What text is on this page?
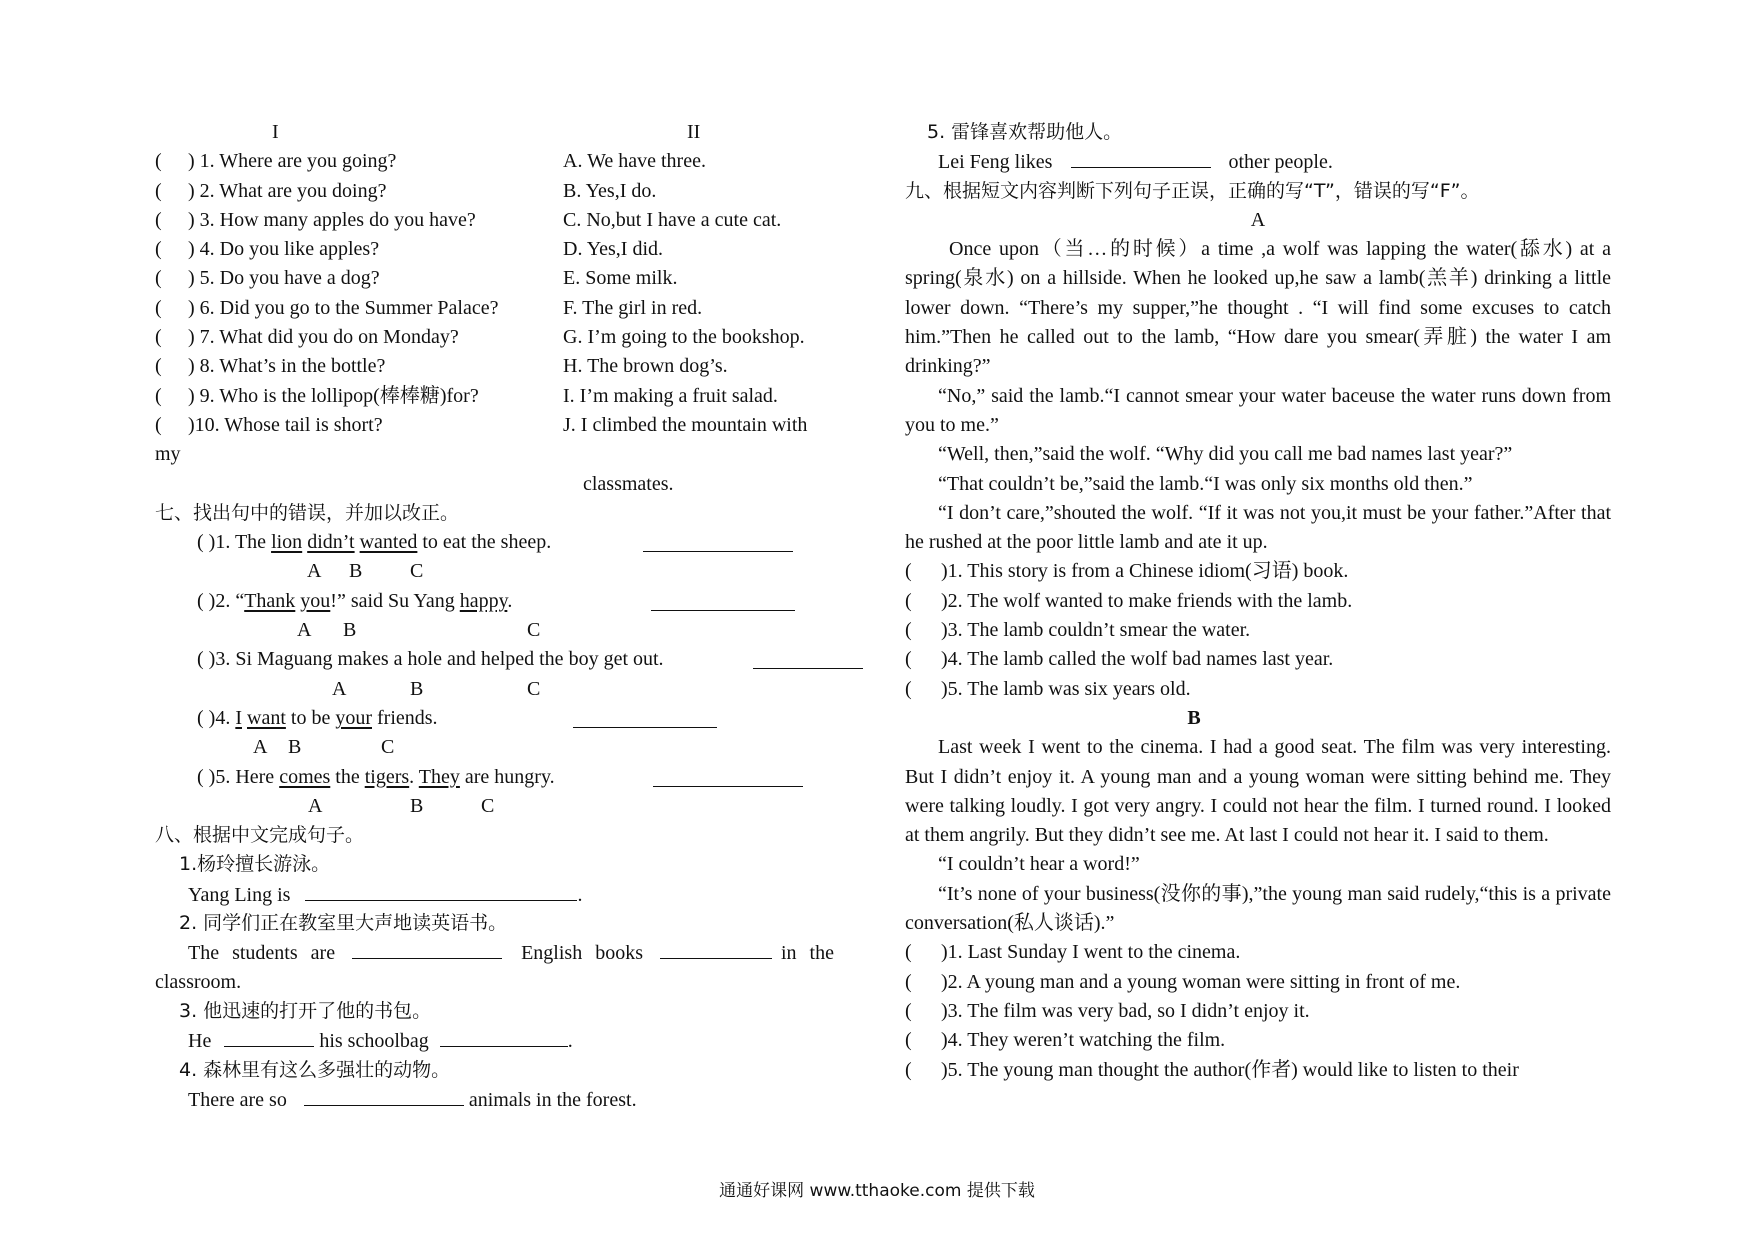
I	II
( ) 1. Where are you going?	A. We have three.
( ) 2. What are you doing?	B. Yes,I do.
( ) 3. How many apples do you have?	C. No,but I have a cute cat.
( ) 4. Do you like apples?	D. Yes,I did.
( ) 5. Do you have a dog?	E. Some milk.
( ) 6. Did you go to the Summer Palace?	F. The girl in red.
( ) 7. What did you do on Monday?	G. I’m going to the bookshop.
( ) 8. What’s in the bottle?	H. The brown dog’s.
( ) 9. Who is the lollipop(棒棒糖)for?	I. I’m making a fruit salad.
( )10. Whose tail is short?	J. I climbed the mountain with
my
classmates.
七、找出句中的错误，并加以改正。
( )1. The lion didn’t wanted to eat the sheep.
A B C
( )2. “Thank you!” said Su Yang happy.
A B	C
( )3. Si Maguang makes a hole and helped the boy get out.
A	B	C
( )4. I want to be your friends.
A B	C
( )5. Here comes the tigers. They are hungry.
A	B	C
八、根据中文完成句子。
1.杨玲擅长游泳。
Yang Ling is	.
2. 同学们正在教室里大声地读英语书。
The students are	English books	in the
classroom.
3. 他迅速的打开了他的书包。
He	his schoolbag	.
4. 森林里有这么多强壮的动物。
There are so	animals in the forest.
5. 雷锋喜欢帮助他人。
Lei Feng likes	other people.
九、根据短文内容判断下列句子正误，正确的写“T”，错误的写“F”。
A
Once upon（当…的时候）a time ,a wolf was lapping the water(舔水) at a spring(泉水) on a hillside. When he looked up,he saw a lamb(羔羊) drinking a little lower down. “There’s my supper,”he thought . “I will find some excuses to catch him.”Then he called out to the lamb, “How dare you smear(弄脏) the water I am drinking?”
“No,” said the lamb.“I cannot smear your water baceuse the water runs down from you to me.”
“Well, then,”said the wolf. “Why did you call me bad names last year?”
“That couldn’t be,”said the lamb.“I was only six months old then.”
“I don’t care,”shouted the wolf. “If it was not you,it must be your father.”After that he rushed at the poor little lamb and ate it up.
( )1. This story is from a Chinese idiom(习语) book.
( )2. The wolf wanted to make friends with the lamb.
( )3. The lamb couldn’t smear the water.
( )4. The lamb called the wolf bad names last year.
( )5. The lamb was six years old.
B
Last week I went to the cinema. I had a good seat. The film was very interesting. But I didn’t enjoy it. A young man and a young woman were sitting behind me. They were talking loudly. I got very angry. I could not hear the film. I turned round. I looked at them angrily. But they didn’t see me. At last I could not hear it. I said to them.
“I couldn’t hear a word!”
“It’s none of your business(没你的事),”the young man said rudely,“this is a private conversation(私人谈话).”
( )1. Last Sunday I went to the cinema.
( )2. A young man and a young woman were sitting in front of me.
( )3. The film was very bad, so I didn’t enjoy it.
( )4. They weren’t watching the film.
( )5. The young man thought the author(作者) would like to listen to their
通通好课网 www.tthaoke.com 提供下载
